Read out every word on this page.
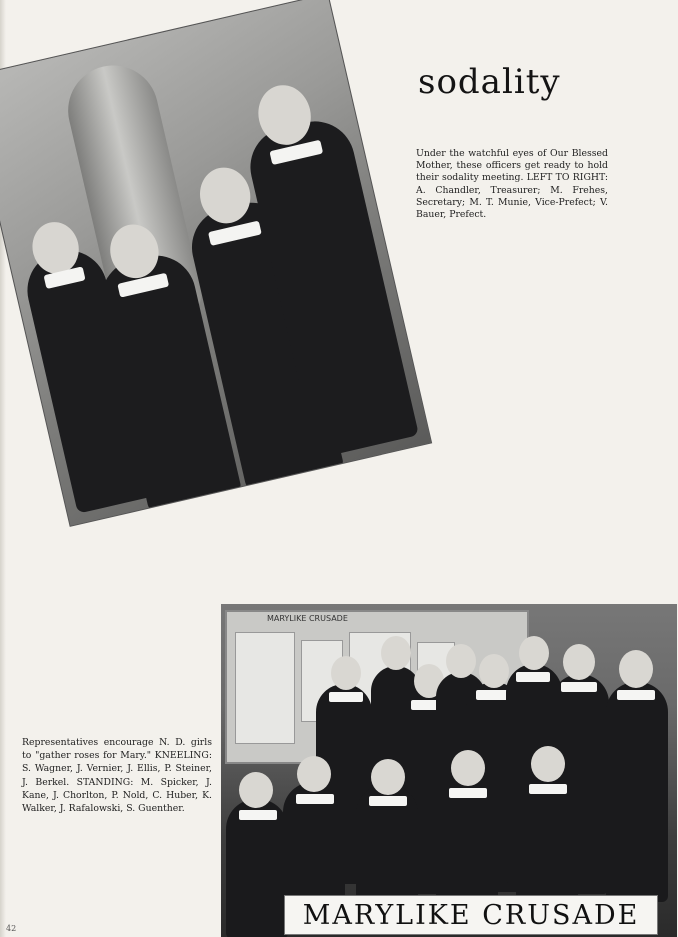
sodality
Under the watchful eyes of Our Blessed Mother, these officers get ready to hold their sodality meeting. LEFT TO RIGHT: A. Chandler, Treasurer; M. Frehes, Secretary; M. T. Munie, Vice-Prefect; V. Bauer, Prefect.
MARYLIKE CRUSADE
MARYLIKE CRUSADE
Representatives encourage N. D. girls to "gather roses for Mary." KNEELING: S. Wagner, J. Vernier, J. Ellis, P. Steiner, J. Berkel. STANDING: M. Spicker, J. Kane, J. Chorlton, P. Nold, C. Huber, K. Walker, J. Rafalowski, S. Guenther.
42
